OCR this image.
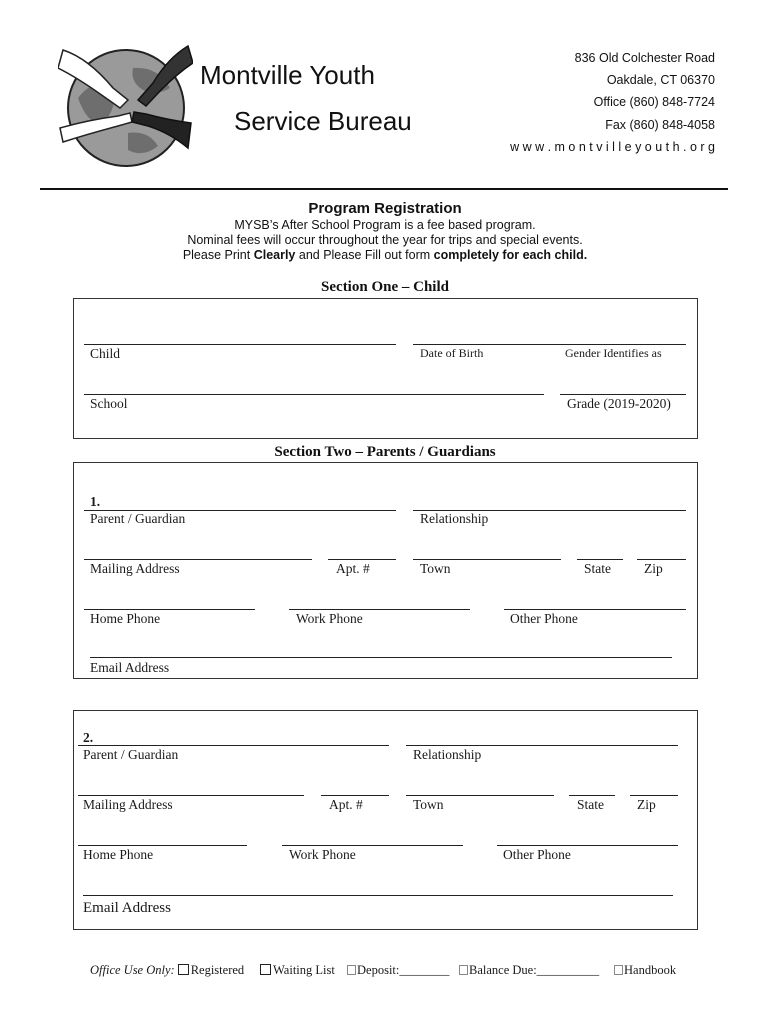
Montville Youth
Service Bureau
836 Old Colchester Road
Oakdale, CT 06370
Office (860) 848-7724
Fax (860) 848-4058
w w w . m o n t v i l l e y o u t h . o r g
Program Registration
MYSB’s After School Program is a fee based program.
Nominal fees will occur throughout the year for trips and special events.
Please Print Clearly and Please Fill out form completely for each child.
Section One – Child
Child	Date of Birth	Gender Identifies as
School	Grade (2019-2020)
Section Two – Parents / Guardians
1.
Parent / Guardian	Relationship
Mailing Address	Apt. #	Town	State Zip
Home Phone	Work Phone	Other Phone
Email Address
2.
Parent / Guardian	Relationship
Mailing Address	Apt. #	Town	State Zip
Home Phone	Work Phone	Other Phone
Email Address
Office Use Only: Registered	Waiting List	Deposit:________	Balance Due:__________	Handbook
